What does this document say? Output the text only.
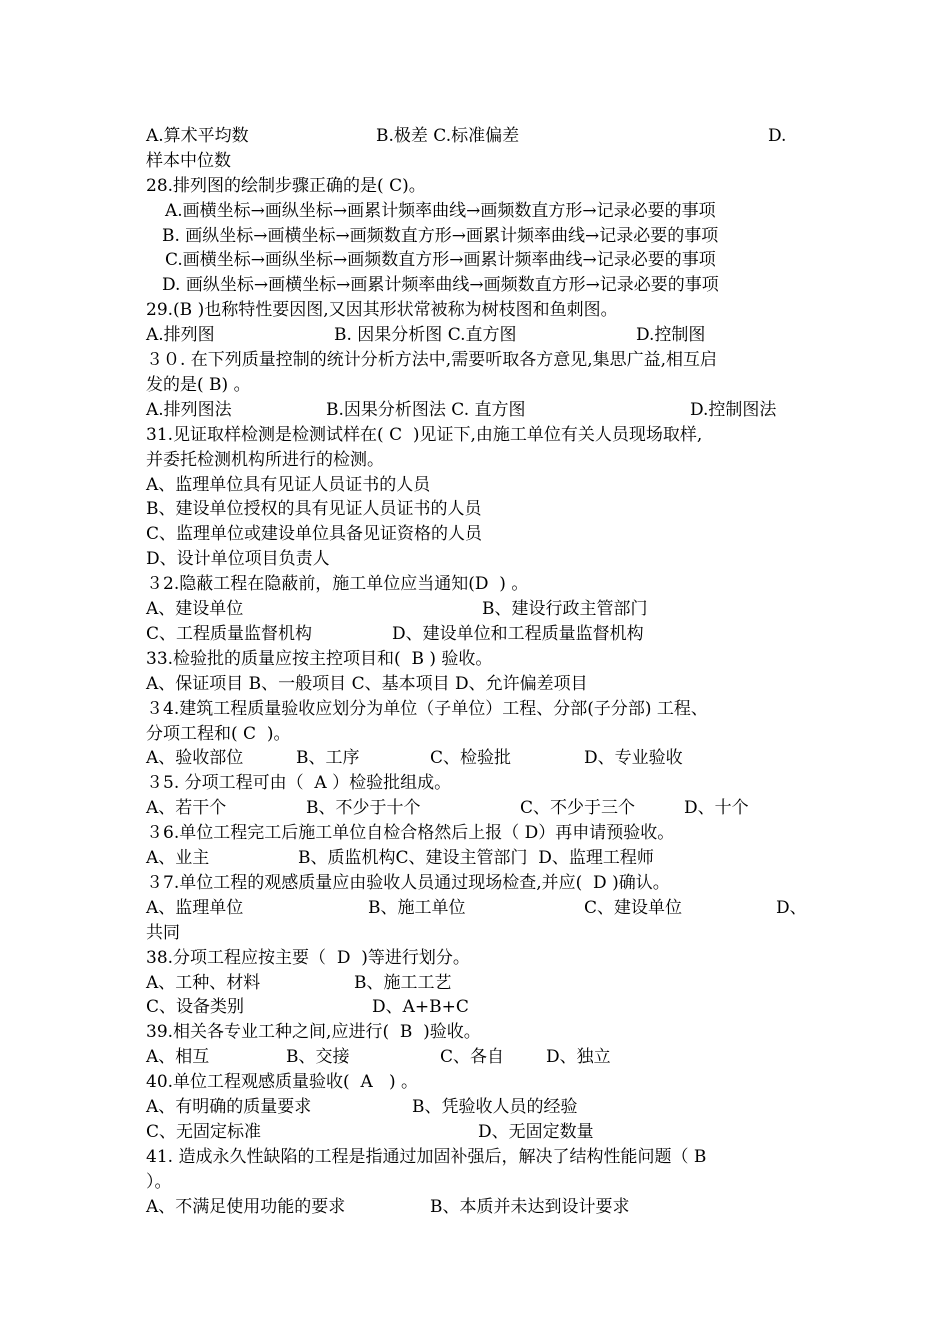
A.算术平均数	B.极差 C.标准偏差	D.
样本中位数
28.排列图的绘制步骤正确的是( C)。
A.画横坐标→画纵坐标→画累计频率曲线→画频数直方形→记录必要的事项
B. 画纵坐标→画横坐标→画频数直方形→画累计频率曲线→记录必要的事项
C.画横坐标→画纵坐标→画频数直方形→画累计频率曲线→记录必要的事项
D. 画纵坐标→画横坐标→画累计频率曲线→画频数直方形→记录必要的事项
29.(B )也称特性要因图,又因其形状常被称为树枝图和鱼刺图。
A.排列图	B. 因果分析图 C.直方图	D.控制图
３０. 在下列质量控制的统计分析方法中,需要听取各方意见,集思广益,相互启
发的是( B) 。
A.排列图法	B.因果分析图法 C. 直方图	D.控制图法
31.见证取样检测是检测试样在( C  )见证下,由施工单位有关人员现场取样,
并委托检测机构所进行的检测。
A、监理单位具有见证人员证书的人员
B、建设单位授权的具有见证人员证书的人员
C、监理单位或建设单位具备见证资格的人员
D、设计单位项目负责人
３2.隐蔽工程在隐蔽前，施工单位应当通知(D  ) 。
A、建设单位	B、建设行政主管部门
C、工程质量监督机构	D、建设单位和工程质量监督机构
33.检验批的质量应按主控项目和(  B ) 验收。
A、保证项目 B、一般项目 C、基本项目 D、允许偏差项目
３4.建筑工程质量验收应划分为单位（子单位）工程、分部(子分部) 工程、
分项工程和( C  )。
A、验收部位	B、工序	C、检验批	D、专业验收
３5. 分项工程可由（  A ）检验批组成。
A、若干个	B、不少于十个	C、不少于三个	D、十个
３6.单位工程完工后施工单位自检合格然后上报（ D）再申请预验收。
A、业主	B、质监机构C、建设主管部门  D、监理工程师
３7.单位工程的观感质量应由验收人员通过现场检查,并应(  D )确认。
A、监理单位	B、施工单位	C、建设单位	D、
共同
38.分项工程应按主要（  D  )等进行划分。
A、工种、材料	B、施工工艺
C、设备类别	D、A+B+C
39.相关各专业工种之间,应进行(  B  )验收。
A、相互	B、交接	C、各自 D、独立
40.单位工程观感质量验收(  A   ) 。
A、有明确的质量要求	B、凭验收人员的经验
C、无固定标准	D、无固定数量
41. 造成永久性缺陷的工程是指通过加固补强后，解决了结构性能问题（ B
）。
A、不满足使用功能的要求	B、本质并未达到设计要求
